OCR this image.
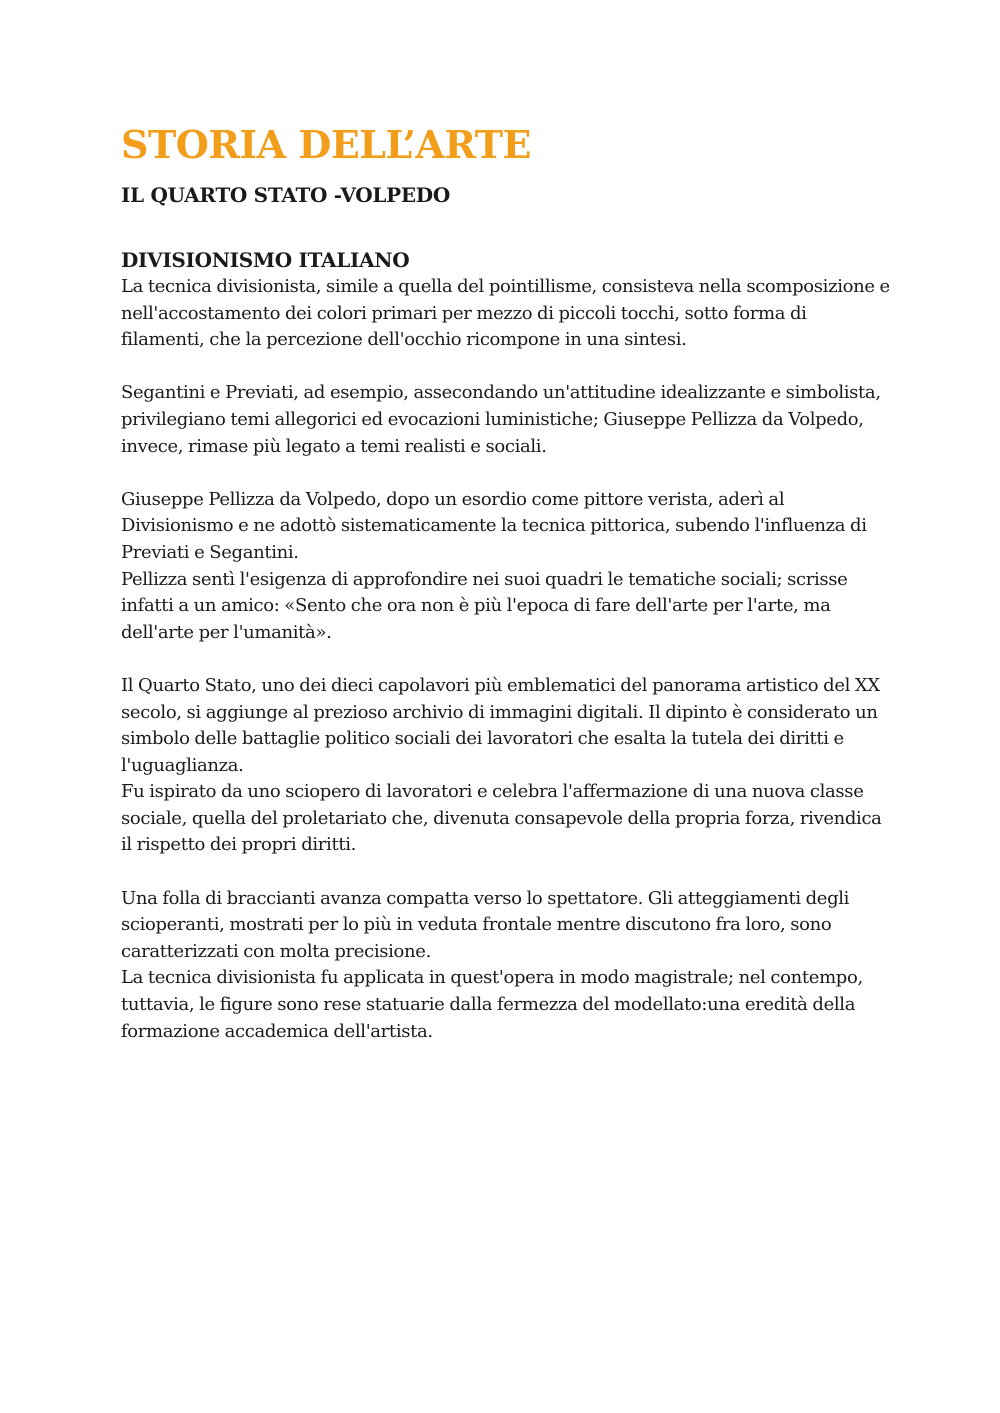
STORIA DELL’ARTE
IL QUARTO STATO -VOLPEDO
DIVISIONISMO ITALIANO

La tecnica divisionista, simile a quella del pointillisme, consisteva nella scomposizione e nell'accostamento dei colori primari per mezzo di piccoli tocchi, sotto forma di filamenti, che la percezione dell'occhio ricompone in una sintesi.

Segantini e Previati, ad esempio, assecondando un'attitudine idealizzante e simbolista, privilegiano temi allegorici ed evocazioni luministiche; Giuseppe Pellizza da Volpedo, invece, rimase più legato a temi realisti e sociali.

Giuseppe Pellizza da Volpedo, dopo un esordio come pittore verista, aderì al Divisionismo e ne adottò sistematicamente la tecnica pittorica, subendo l'influenza di Previati e Segantini.
Pellizza sentì l'esigenza di approfondire nei suoi quadri le tematiche sociali; scrisse infatti a un amico: «Sento che ora non è più l'epoca di fare dell'arte per l'arte, ma dell'arte per l'umanità».

Il Quarto Stato, uno dei dieci capolavori più emblematici del panorama artistico del XX secolo, si aggiunge al prezioso archivio di immagini digitali. Il dipinto è considerato un simbolo delle battaglie politico sociali dei lavoratori che esalta la tutela dei diritti e l'uguaglianza.
Fu ispirato da uno sciopero di lavoratori e celebra l'affermazione di una nuova classe sociale, quella del proletariato che, divenuta consapevole della propria forza, rivendica il rispetto dei propri diritti.

Una folla di braccianti avanza compatta verso lo spettatore. Gli atteggiamenti degli scioperanti, mostrati per lo più in veduta frontale mentre discutono fra loro, sono caratterizzati con molta precisione.
La tecnica divisionista fu applicata in quest'opera in modo magistrale; nel contempo, tuttavia, le figure sono rese statuarie dalla fermezza del modellato:una eredità della formazione accademica dell'artista.
